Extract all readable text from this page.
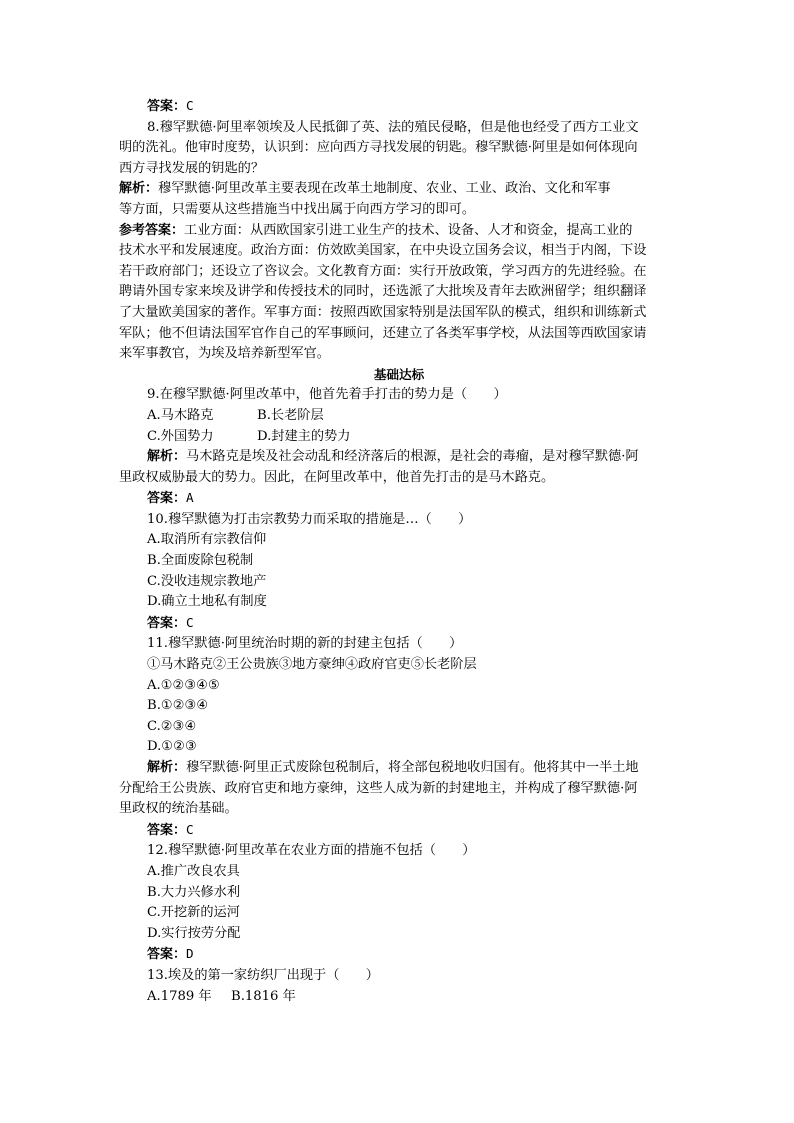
答案：C
8.穆罕默德·阿里率领埃及人民抵御了英、法的殖民侵略，但是他也经受了西方工业文
明的洗礼。他审时度势，认识到：应向西方寻找发展的钥匙。穆罕默德·阿里是如何体现向
西方寻找发展的钥匙的？
解析：穆罕默德·阿里改革主要表现在改革土地制度、农业、工业、政治、文化和军事
等方面，只需要从这些措施当中找出属于向西方学习的即可。
参考答案：工业方面：从西欧国家引进工业生产的技术、设备、人才和资金，提高工业的
技术水平和发展速度。政治方面：仿效欧美国家，在中央设立国务会议，相当于内阁，下设
若干政府部门；还设立了咨议会。文化教育方面：实行开放政策，学习西方的先进经验。在
聘请外国专家来埃及讲学和传授技术的同时，还选派了大批埃及青年去欧洲留学；组织翻译
了大量欧美国家的著作。军事方面：按照西欧国家特别是法国军队的模式，组织和训练新式
军队；他不但请法国军官作自己的军事顾问，还建立了各类军事学校，从法国等西欧国家请
来军事教官，为埃及培养新型军官。
基础达标
9.在穆罕默德·阿里改革中，他首先着手打击的势力是（　　）
A.马木路克	B.长老阶层
C.外国势力	D.封建主的势力
解析：马木路克是埃及社会动乱和经济落后的根源，是社会的毒瘤，是对穆罕默德·阿
里政权威胁最大的势力。因此，在阿里改革中，他首先打击的是马木路克。
答案：A
10.穆罕默德为打击宗教势力而采取的措施是…（　　）
A.取消所有宗教信仰
B.全面废除包税制
C.没收违规宗教地产
D.确立土地私有制度
答案：C
11.穆罕默德·阿里统治时期的新的封建主包括（　　）
①马木路克②王公贵族③地方豪绅④政府官吏⑤长老阶层
A.①②③④⑤
B.①②③④
C.②③④
D.①②③
解析：穆罕默德·阿里正式废除包税制后，将全部包税地收归国有。他将其中一半土地
分配给王公贵族、政府官吏和地方豪绅，这些人成为新的封建地主，并构成了穆罕默德·阿
里政权的统治基础。
答案：C
12.穆罕默德·阿里改革在农业方面的措施不包括（　　）
A.推广改良农具
B.大力兴修水利
C.开挖新的运河
D.实行按劳分配
答案：D
13.埃及的第一家纺织厂出现于（　　）
A.1789 年 B.1816 年
